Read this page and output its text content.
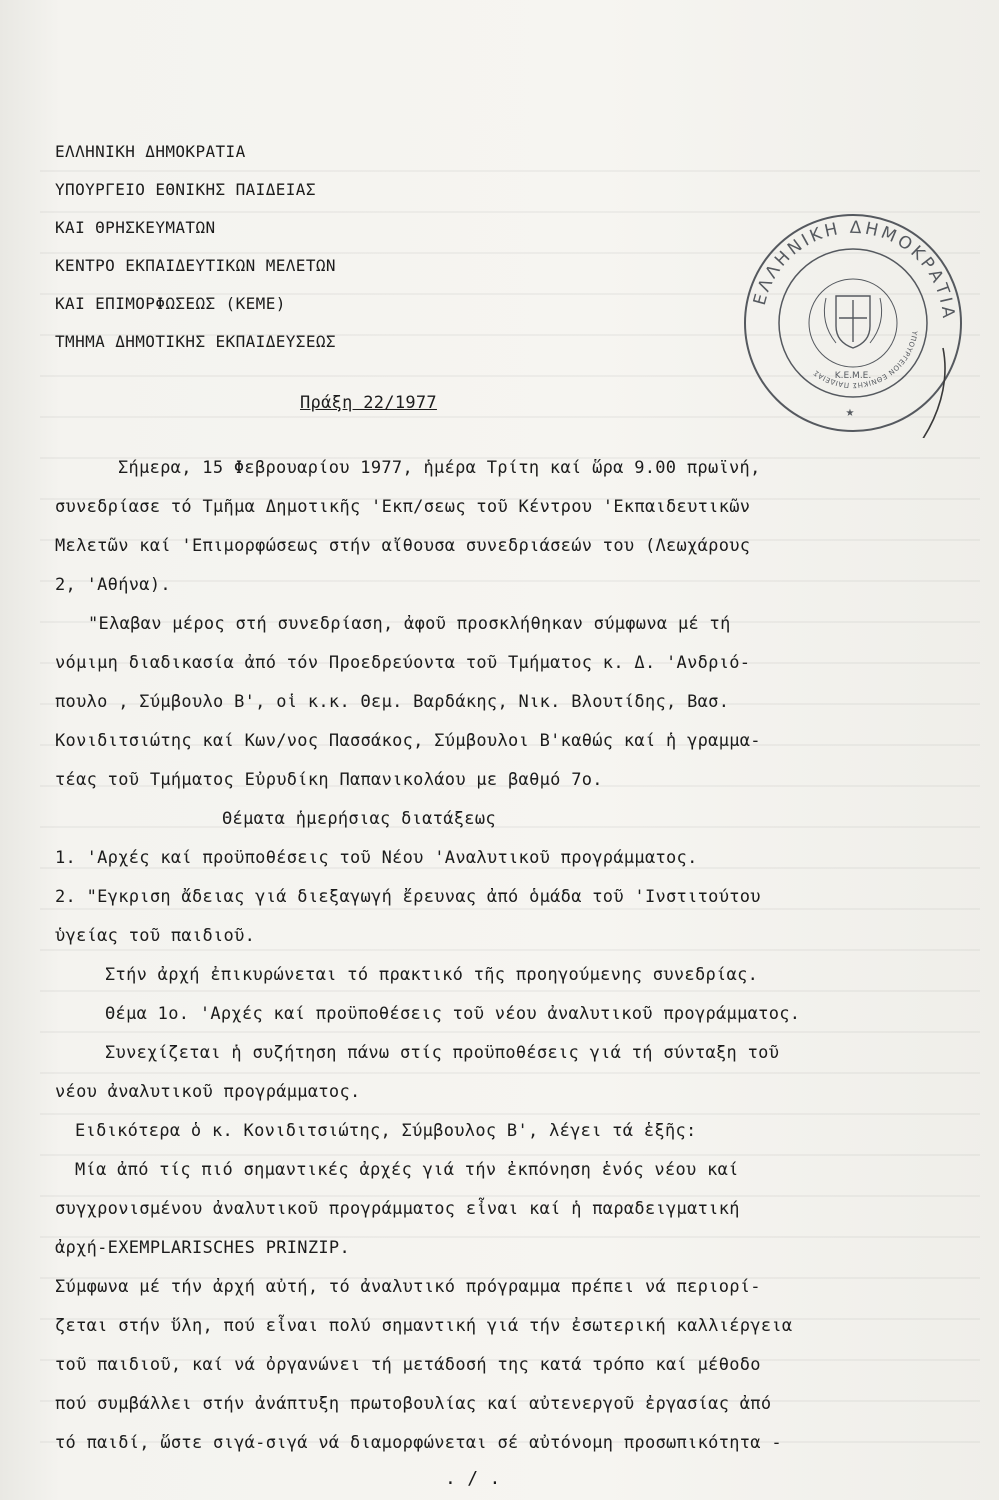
ΕΛΛΗΝΙΚΗ ΔΗΜΟΚΡΑΤΙΑ

ΥΠΟΥΡΓΕΙΟ ΕΘΝΙΚΗΣ ΠΑΙΔΕΙΑΣ

ΚΑΙ ΘΡΗΣΚΕΥΜΑΤΩΝ

ΚΕΝΤΡΟ ΕΚΠΑΙΔΕΥΤΙΚΩΝ ΜΕΛΕΤΩΝ

ΚΑΙ ΕΠΙΜΟΡΦΩΣΕΩΣ (ΚΕΜΕ)

ΤΜΗΜΑ ΔΗΜΟΤΙΚΗΣ ΕΚΠΑΙΔΕΥΣΕΩΣ

ΕΛΛΗΝΙΚΗ ΔΗΜΟΚΡΑΤΙΑ
ΥΠΟΥΡΓΕΙΟΝ ΕΘΝΙΚΗΣ ΠΑΙΔΕΙΑΣ	Κ.Ε.Μ.Ε.
★

Πράξη 22/1977

Σήμερα, 15 Φεβρουαρίου 1977, ἡμέρα Τρίτη καί ὥρα 9.00 πρωϊνή,

συνεδρίασε τό Τμῆμα Δημοτικῆς 'Εκπ/σεως τοῦ Κέντρου 'Εκπαιδευτικῶν

Μελετῶν καί 'Επιμορφώσεως στήν αἴθουσα συνεδριάσεών του (Λεωχάρους

2, 'Αθήνα).

"Ελαβαν μέρος στή συνεδρίαση, ἀφοῦ προσκλήθηκαν σύμφωνα μέ τή

νόμιμη διαδικασία ἀπό τόν Προεδρεύοντα τοῦ Τμήματος κ. Δ. 'Ανδριό-

πουλο , Σύμβουλο Β', οἱ κ.κ. Θεμ. Βαρδάκης, Νικ. Βλουτίδης, Βασ.

Κονιδιτσιώτης καί Κων/νος Πασσάκος, Σύμβουλοι Β'καθώς καί ἡ γραμμα-

τέας τοῦ Τμήματος Εὐρυδίκη Παπανικολάου με βαθμό 7ο.

Θέματα ἡμερήσιας διατάξεως

1. 'Αρχές καί προϋποθέσεις τοῦ Νέου 'Αναλυτικοῦ προγράμματος.

2. "Εγκριση ἄδειας γιά διεξαγωγή ἔρευνας ἀπό ὁμάδα τοῦ 'Ινστιτούτου

ὑγείας τοῦ παιδιοῦ.

Στήν ἀρχή ἐπικυρώνεται τό πρακτικό τῆς προηγούμενης συνεδρίας.

Θέμα 1ο. 'Αρχές καί προϋποθέσεις τοῦ νέου ἀναλυτικοῦ προγράμματος.

Συνεχίζεται ἡ συζήτηση πάνω στίς προϋποθέσεις γιά τή σύνταξη τοῦ

νέου ἀναλυτικοῦ προγράμματος.

Ειδικότερα ὁ κ. Κονιδιτσιώτης, Σύμβουλος Β', λέγει τά ἑξῆς:

Μία ἀπό τίς πιό σημαντικές ἀρχές γιά τήν ἐκπόνηση ἑνός νέου καί

συγχρονισμένου ἀναλυτικοῦ προγράμματος εἶναι καί ἡ παραδειγματική

ἀρχή-EXEMPLARISCHES PRINZIP.

Σύμφωνα μέ τήν ἀρχή αὐτή, τό ἀναλυτικό πρόγραμμα πρέπει νά περιορί-

ζεται στήν ὕλη, πού εἶναι πολύ σημαντική γιά τήν ἐσωτερική καλλιέργεια

τοῦ παιδιοῦ, καί νά ὀργανώνει τή μετάδοσή της κατά τρόπο καί μέθοδο

πού συμβάλλει στήν ἀνάπτυξη πρωτοβουλίας καί αὐτενεργοῦ ἐργασίας ἀπό

τό παιδί, ὥστε σιγά-σιγά νά διαμορφώνεται σέ αὐτόνομη προσωπικότητα -

. / .
